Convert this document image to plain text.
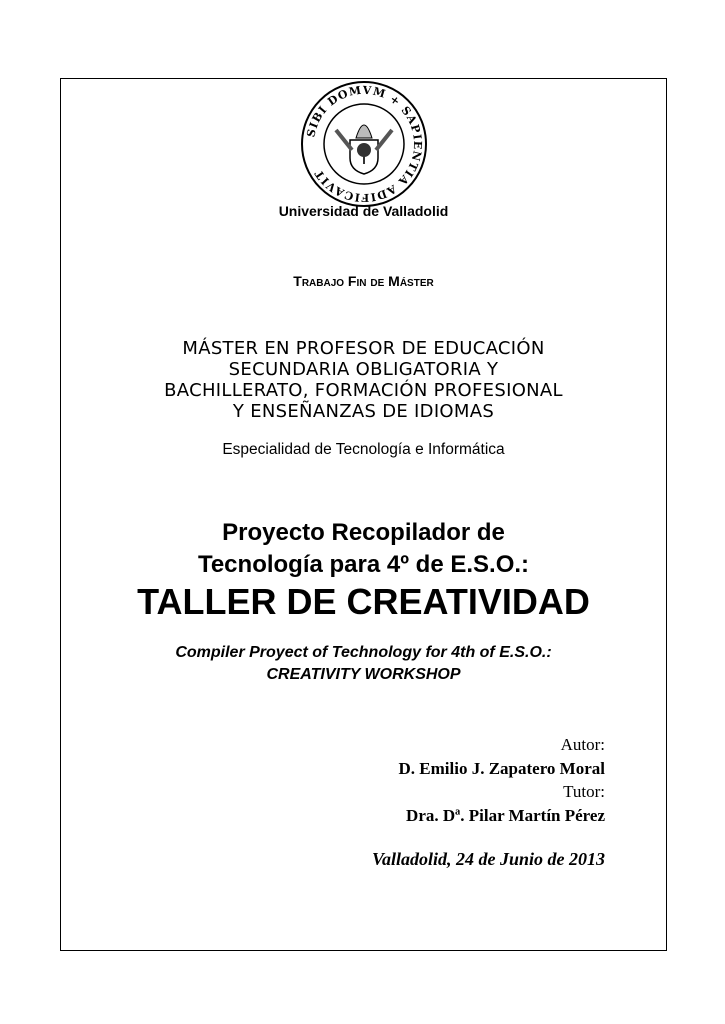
SIBI DOMVM + SAPIENTIA ADIFICAVIT
Universidad de Valladolid
Trabajo Fin de Máster
MÁSTER EN PROFESOR DE EDUCACIÓN
SECUNDARIA OBLIGATORIA Y
BACHILLERATO, FORMACIÓN PROFESIONAL
Y ENSEÑANZAS DE IDIOMAS
Especialidad de Tecnología e Informática
Proyecto Recopilador de
Tecnología para 4º de E.S.O.:
TALLER DE CREATIVIDAD
Compiler Proyect of Technology for 4th of E.S.O.:
CREATIVITY WORKSHOP
Autor:
D. Emilio J. Zapatero Moral
Tutor:
Dra. Dª. Pilar Martín Pérez
Valladolid, 24 de Junio de 2013
